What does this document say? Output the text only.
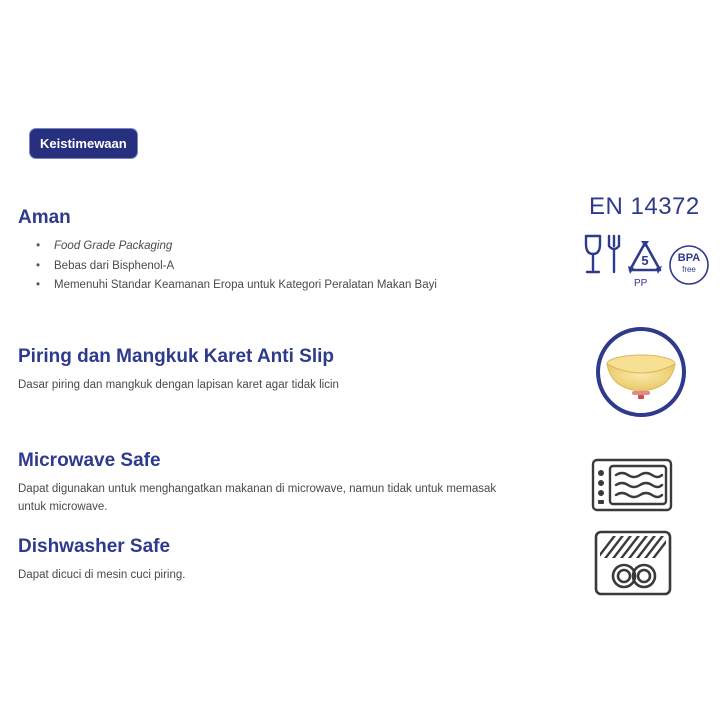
Keistimewaan
Aman
• Food Grade Packaging
• Bebas dari Bisphenol-A
• Memenuhi Standar Keamanan Eropa untuk Kategori Peralatan Makan Bayi
Piring dan Mangkuk Karet Anti Slip

Dasar piring dan mangkuk dengan lapisan karet agar tidak licin

Microwave Safe

Dapat digunakan untuk menghangatkan makanan di microwave, namun tidak untuk memasak
untuk microwave.

Dishwasher Safe

Dapat dicuci di mesin cuci piring.

EN 14372
5
PP
BPA
free
